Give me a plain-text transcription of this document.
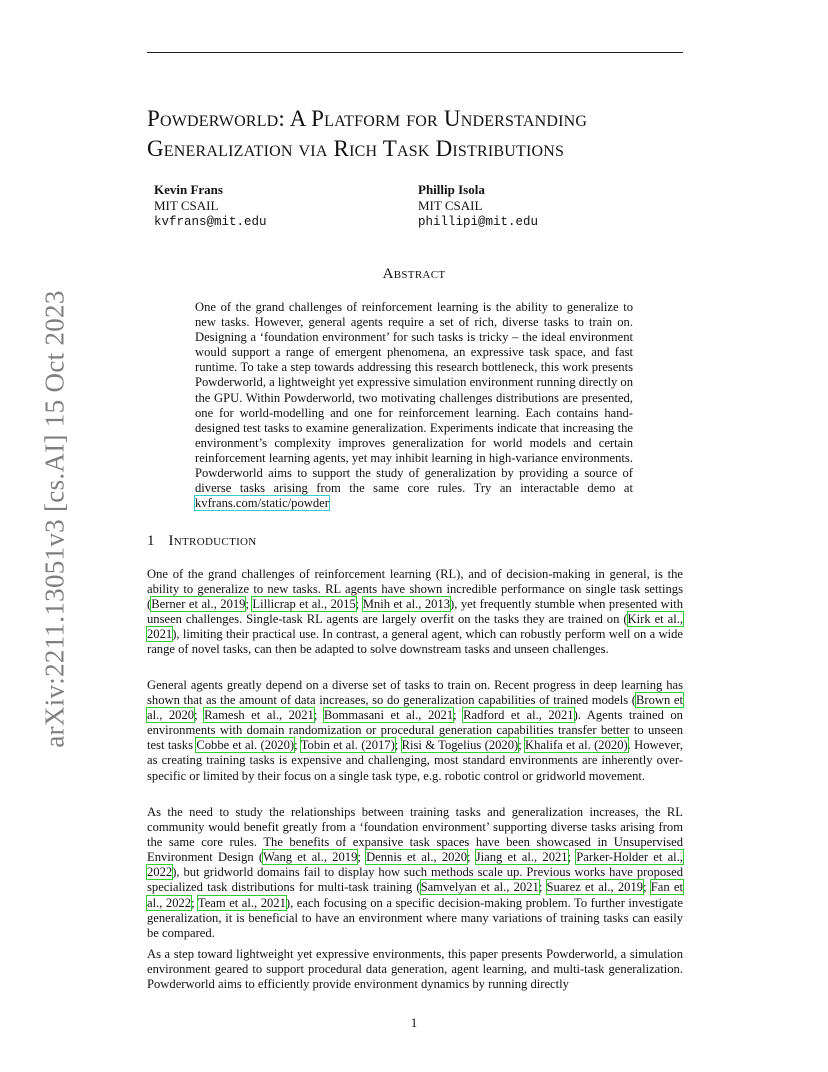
arXiv:2211.13051v3 [cs.AI] 15 Oct 2023
Powderworld: A Platform for Understanding
Generalization via Rich Task Distributions
Kevin Frans
MIT CSAIL
kvfrans@mit.edu
Phillip Isola
MIT CSAIL
phillipi@mit.edu
Abstract

One of the grand challenges of reinforcement learning is the ability to generalize to new tasks. However, general agents require a set of rich, diverse tasks to train on. Designing a ‘foundation environment’ for such tasks is tricky – the ideal environment would support a range of emergent phenomena, an expressive task space, and fast runtime. To take a step towards addressing this research bottleneck, this work presents Powderworld, a lightweight yet expressive simulation environment running directly on the GPU. Within Powderworld, two motivating challenges distributions are presented, one for world-modelling and one for reinforcement learning. Each contains hand-designed test tasks to examine generalization. Experiments indicate that increasing the environment’s complexity improves generalization for world models and certain reinforcement learning agents, yet may inhibit learning in high-variance environments. Powderworld aims to support the study of generalization by providing a source of diverse tasks arising from the same core rules. Try an interactable demo at kvfrans.com/static/powder

1 Introduction

One of the grand challenges of reinforcement learning (RL), and of decision-making in general, is the ability to generalize to new tasks. RL agents have shown incredible performance on single task settings (Berner et al., 2019; Lillicrap et al., 2015; Mnih et al., 2013), yet frequently stumble when presented with unseen challenges. Single-task RL agents are largely overfit on the tasks they are trained on (Kirk et al., 2021), limiting their practical use. In contrast, a general agent, which can robustly perform well on a wide range of novel tasks, can then be adapted to solve downstream tasks and unseen challenges.

General agents greatly depend on a diverse set of tasks to train on. Recent progress in deep learning has shown that as the amount of data increases, so do generalization capabilities of trained models (Brown et al., 2020; Ramesh et al., 2021; Bommasani et al., 2021; Radford et al., 2021). Agents trained on environments with domain randomization or procedural generation capabilities transfer better to unseen test tasks Cobbe et al. (2020); Tobin et al. (2017); Risi & Togelius (2020); Khalifa et al. (2020). However, as creating training tasks is expensive and challenging, most standard environments are inherently over-specific or limited by their focus on a single task type, e.g. robotic control or gridworld movement.

As the need to study the relationships between training tasks and generalization increases, the RL community would benefit greatly from a ‘foundation environment’ supporting diverse tasks arising from the same core rules. The benefits of expansive task spaces have been showcased in Unsupervised Environment Design (Wang et al., 2019; Dennis et al., 2020; Jiang et al., 2021; Parker-Holder et al., 2022), but gridworld domains fail to display how such methods scale up. Previous works have proposed specialized task distributions for multi-task training (Samvelyan et al., 2021; Suarez et al., 2019; Fan et al., 2022; Team et al., 2021), each focusing on a specific decision-making problem. To further investigate generalization, it is beneficial to have an environment where many variations of training tasks can easily be compared.

As a step toward lightweight yet expressive environments, this paper presents Powderworld, a simulation environment geared to support procedural data generation, agent learning, and multi-task generalization. Powderworld aims to efficiently provide environment dynamics by running directly

1
